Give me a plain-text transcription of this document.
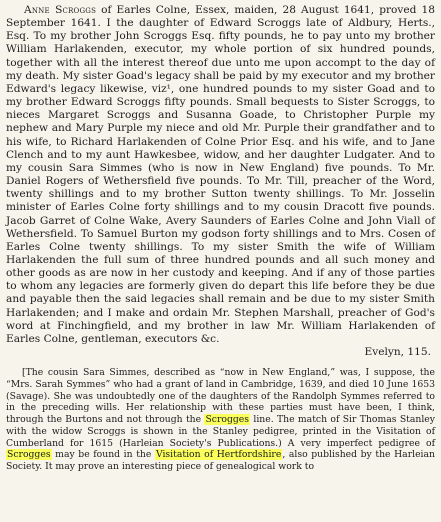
Anne Scroggs of Earles Colne, Essex, maiden, 28 August 1641, proved 18 September 1641. I the daughter of Edward Scroggs late of Aldbury, Herts., Esq. To my brother John Scroggs Esq. fifty pounds, he to pay unto my brother William Harlakenden, executor, my whole portion of six hundred pounds, together with all the interest thereof due unto me upon accompt to the day of my death. My sister Goad's legacy shall be paid by my executor and my brother Edward's legacy likewise, viz¹, one hundred pounds to my sister Goad and to my brother Edward Scroggs fifty pounds. Small bequests to Sister Scroggs, to nieces Margaret Scroggs and Susanna Goade, to Christopher Purple my nephew and Mary Purple my niece and old Mr. Purple their grandfather and to his wife, to Richard Harlakenden of Colne Prior Esq. and his wife, and to Jane Clench and to my aunt Hawkesbee, widow, and her daughter Ludgater. And to my cousin Sara Simmes (who is now in New England) five pounds. To Mr. Daniel Rogers of Wethersfield five pounds. To Mr. Till, preacher of the Word, twenty shillings and to my brother Sutton twenty shillings. To Mr. Josselin minister of Earles Colne forty shillings and to my cousin Dracott five pounds. Jacob Garret of Colne Wake, Avery Saunders of Earles Colne and John Viall of Wethersfield. To Samuel Burton my godson forty shillings and to Mrs. Cosen of Earles Colne twenty shillings. To my sister Smith the wife of William Harlakenden the full sum of three hundred pounds and all such money and other goods as are now in her custody and keeping. And if any of those parties to whom any legacies are formerly given do depart this life before they be due and payable then the said legacies shall remain and be due to my sister Smith Harlakenden; and I make and ordain Mr. Stephen Marshall, preacher of God's word at Finchingfield, and my brother in law Mr. William Harlakenden of Earles Colne, gentleman, executors &c.

Evelyn, 115.

[The cousin Sara Simmes, described as “now in New England,” was, I suppose, the “Mrs. Sarah Symmes” who had a grant of land in Cambridge, 1639, and died 10 June 1653 (Savage). She was undoubtedly one of the daughters of the Randolph Symmes referred to in the preceding wills. Her relationship with these parties must have been, I think, through the Burtons and not through the Scrogges line. The match of Sir Thomas Stanley with the widow Scroggs is shown in the Stanley pedigree, printed in the Visitation of Cumberland for 1615 (Harleian Society's Publications.) A very imperfect pedigree of Scrogges may be found in the Visitation of Hertfordshire, also published by the Harleian Society. It may prove an interesting piece of genealogical work to
